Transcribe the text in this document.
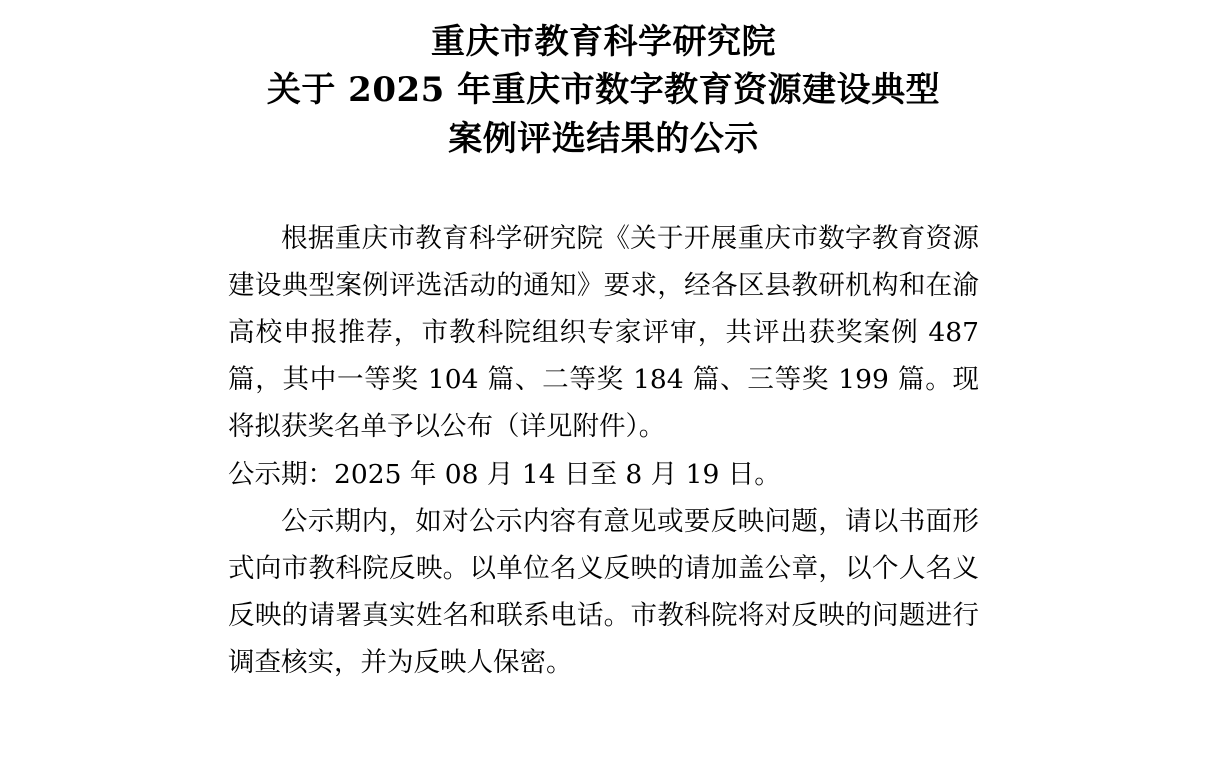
重庆市教育科学研究院
关于 2025 年重庆市数字教育资源建设典型
案例评选结果的公示

根据重庆市教育科学研究院《关于开展重庆市数字教育资源建设典型案例评选活动的通知》要求，经各区县教研机构和在渝高校申报推荐，市教科院组织专家评审，共评出获奖案例 487 篇，其中一等奖 104 篇、二等奖 184 篇、三等奖 199 篇。现将拟获奖名单予以公布（详见附件）。

公示期：2025 年 08 月 14 日至 8 月 19 日。

公示期内，如对公示内容有意见或要反映问题，请以书面形式向市教科院反映。以单位名义反映的请加盖公章，以个人名义反映的请署真实姓名和联系电话。市教科院将对反映的问题进行调查核实，并为反映人保密。
